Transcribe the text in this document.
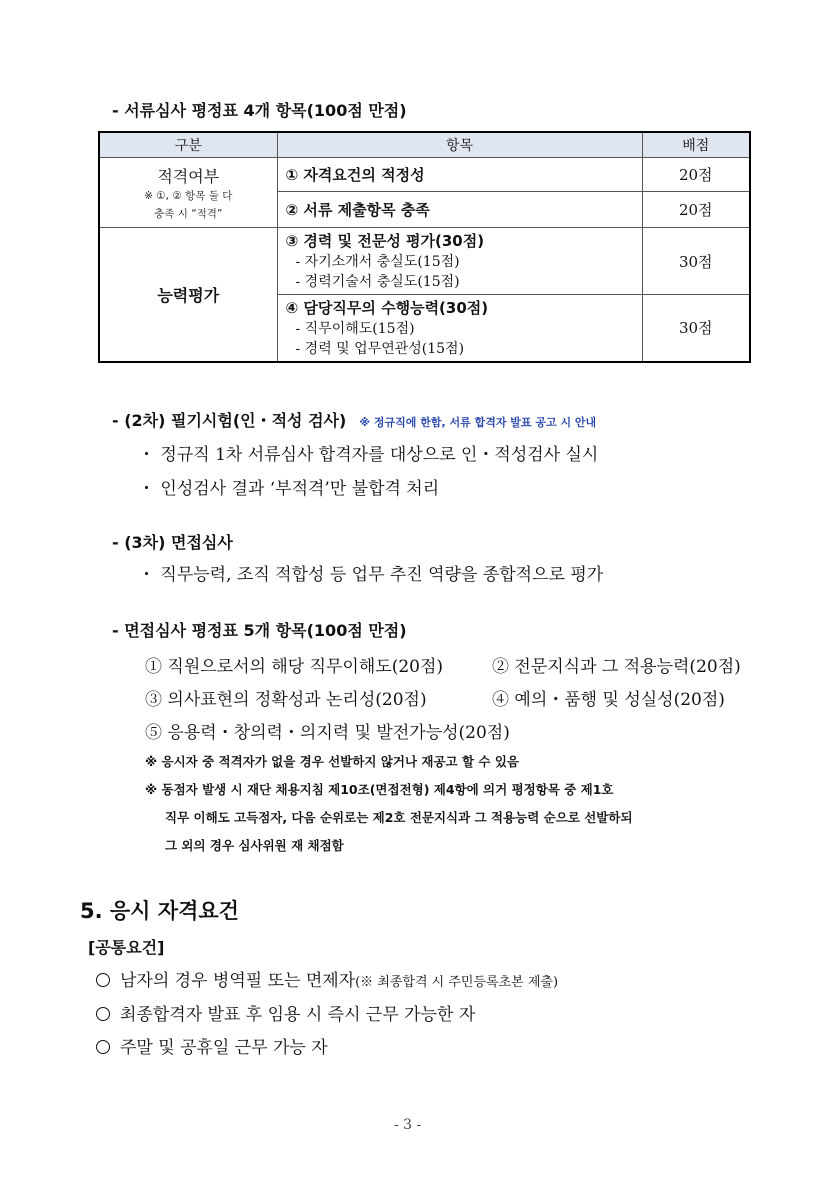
- 서류심사 평정표 4개 항목(100점 만점)
구분	항목	배점

적격여부
※ ①, ② 항목 둘 다
충족 시 “적격”	① 자격요건의 적정성	20점
	② 서류 제출항목 충족	20점
능력평가	③ 경력 및 전문성 평가(30점)
- 자기소개서 충실도(15점)
- 경력기술서 충실도(15점)	30점

	④ 담당직무의 수행능력(30점)
- 직무이해도(15점)
- 경력 및 업무연관성(15점)	30점
- (2차) 필기시험(인・적성 검사) ※ 정규직에 한함, 서류 합격자 발표 공고 시 안내
・ 정규직 1차 서류심사 합격자를 대상으로 인・적성검사 실시
・ 인성검사 결과 ‘부적격’만 불합격 처리
- (3차) 면접심사
・ 직무능력, 조직 적합성 등 업무 추진 역량을 종합적으로 평가
- 면접심사 평정표 5개 항목(100점 만점)
① 직원으로서의 해당 직무이해도(20점)	② 전문지식과 그 적용능력(20점)
③ 의사표현의 정확성과 논리성(20점)	④ 예의・품행 및 성실성(20점)
⑤ 응용력・창의력・의지력 및 발전가능성(20점)
※ 응시자 중 적격자가 없을 경우 선발하지 않거나 재공고 할 수 있음
※ 동점자 발생 시 재단 채용지침 제10조(면접전형) 제4항에 의거 평정항목 중 제1호
직무 이해도 고득점자, 다음 순위로는 제2호 전문지식과 그 적용능력 순으로 선발하되
그 외의 경우 심사위원 재 채점함
5. 응시 자격요건
[공통요건]
남자의 경우 병역필 또는 면제자(※ 최종합격 시 주민등록초본 제출)
최종합격자 발표 후 임용 시 즉시 근무 가능한 자
주말 및 공휴일 근무 가능 자
- 3 -
